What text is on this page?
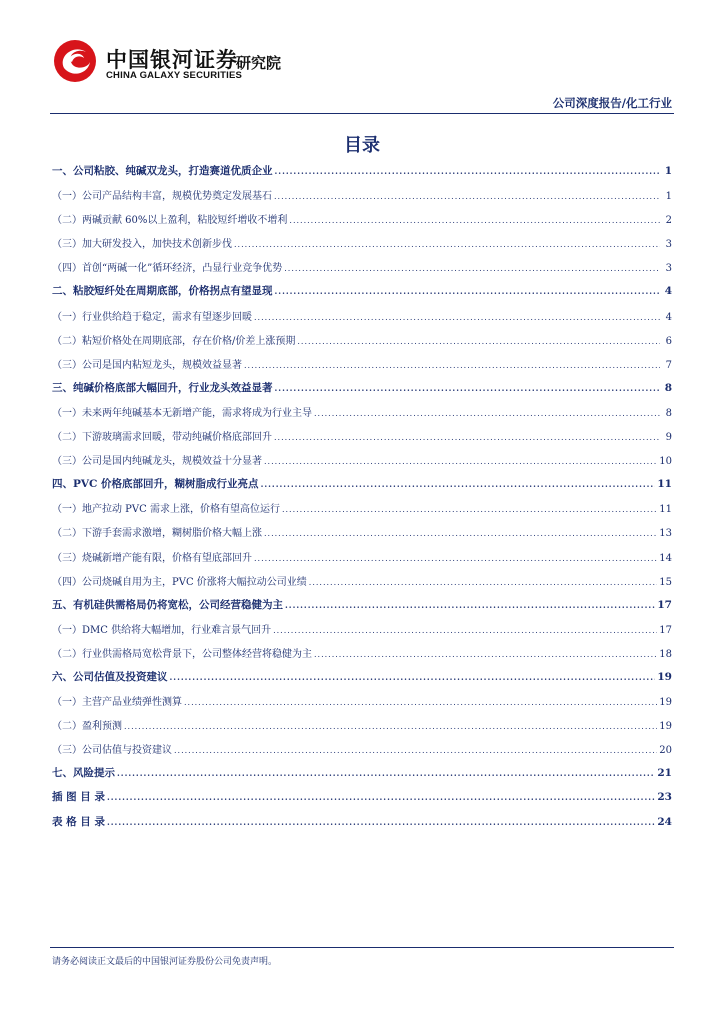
中国银河证券
CHINA GALAXY SECURITIES
研究院
公司深度报告/化工行业
目录
一、公司粘胶、纯碱双龙头，打造赛道优质企业 .....	1
（一）公司产品结构丰富，规模优势奠定发展基石 .....	1
（二）两碱贡献 60%以上盈利，粘胶短纤增收不增利 .....	2
（三）加大研发投入，加快技术创新步伐 .....	3
（四）首创“两碱一化”循环经济，凸显行业竞争优势 .....	3
二、粘胶短纤处在周期底部，价格拐点有望显现 .....	4
（一）行业供给趋于稳定，需求有望逐步回暖 .....	4
（二）粘短价格处在周期底部，存在价格/价差上涨预期 .....	6
（三）公司是国内粘短龙头，规模效益显著 .....	7
三、纯碱价格底部大幅回升，行业龙头效益显著 .....	8
（一）未来两年纯碱基本无新增产能，需求将成为行业主导 .....	8
（二）下游玻璃需求回暖，带动纯碱价格底部回升 .....	9
（三）公司是国内纯碱龙头，规模效益十分显著 .....	10
四、PVC 价格底部回升，糊树脂成行业亮点 .....	11
（一）地产拉动 PVC 需求上涨，价格有望高位运行 .....	11
（二）下游手套需求激增，糊树脂价格大幅上涨 .....	13
（三）烧碱新增产能有限，价格有望底部回升 .....	14
（四）公司烧碱自用为主，PVC 价涨将大幅拉动公司业绩 .....	15
五、有机硅供需格局仍将宽松，公司经营稳健为主 .....	17
（一）DMC 供给将大幅增加，行业难言景气回升 .....	17
（二）行业供需格局宽松背景下，公司整体经营将稳健为主 .....	18
六、公司估值及投资建议 .....	19
（一）主营产品业绩弹性测算 .....	19
（二）盈利预测 .....	19
（三）公司估值与投资建议 .....	20
七、风险提示 .....	21
插 图 目 录 .....	23
表 格 目 录 .....	24
请务必阅读正文最后的中国银河证券股份公司免责声明。
